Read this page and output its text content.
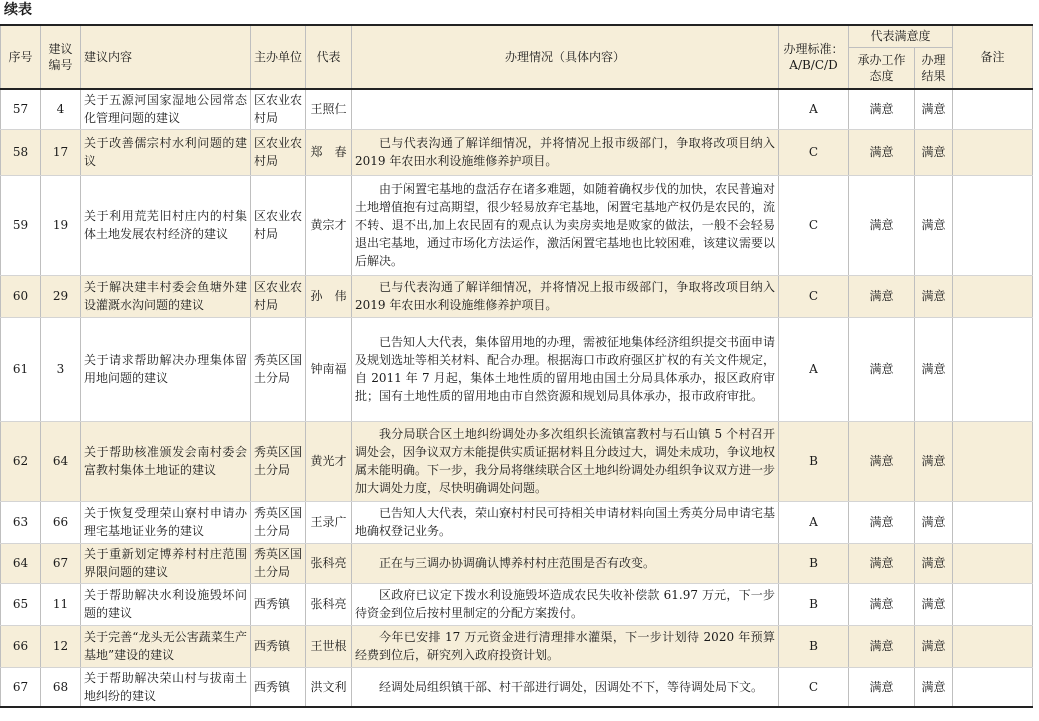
续表
序号	建议编号	建议内容	主办单位	代表	办理情况（具体内容）	办理标准：A/B/C/D	代表满意度		备注
							承办工作态度	办理结果	
57	4	关于五源河国家湿地公园常态化管理问题的建议	区农业农村局	王照仁		A	满意	满意	
58	17	关于改善儒宗村水利问题的建议	区农业农村局	郑　春	已与代表沟通了解详细情况，并将情况上报市级部门，争取将改项目纳入 2019 年农田水利设施维修养护项目。	C	满意	满意	
59	19	关于利用荒芜旧村庄内的村集体土地发展农村经济的建议	区农业农村局	黄宗才	由于闲置宅基地的盘活存在诸多难题，如随着确权步伐的加快，农民普遍对土地增值抱有过高期望，很少轻易放弃宅基地，闲置宅基地产权仍是农民的，流不转、退不出,加上农民固有的观点认为卖房卖地是败家的做法，一般不会轻易退出宅基地，通过市场化方法运作，激活闲置宅基地也比较困难，该建议需要以后解决。	C	满意	满意	
60	29	关于解决建丰村委会鱼塘外建设灌溉水沟问题的建议	区农业农村局	孙　伟	已与代表沟通了解详细情况，并将情况上报市级部门，争取将改项目纳入 2019 年农田水利设施维修养护项目。	C	满意	满意	
61	3	关于请求帮助解决办理集体留用地问题的建议	秀英区国土分局	钟南福	已告知人大代表，集体留用地的办理，需被征地集体经济组织提交书面申请及规划选址等相关材料、配合办理。根据海口市政府强区扩权的有关文件规定，自 2011 年 7 月起，集体土地性质的留用地由国土分局具体承办，报区政府审批；国有土地性质的留用地由市自然资源和规划局具体承办，报市政府审批。	A	满意	满意	
62	64	关于帮助核准颁发会南村委会富教村集体土地证的建议	秀英区国土分局	黄光才	我分局联合区土地纠纷调处办多次组织长流镇富教村与石山镇 5 个村召开调处会，因争议双方未能提供实质证据材料且分歧过大，调处未成功，争议地权属未能明确。下一步，我分局将继续联合区土地纠纷调处办组织争议双方进一步加大调处力度，尽快明确调处问题。	B	满意	满意	
63	66	关于恢复受理荣山寮村申请办理宅基地证业务的建议	秀英区国土分局	王录广	已告知人大代表，荣山寮村村民可持相关申请材料向国土秀英分局申请宅基地确权登记业务。	A	满意	满意	
64	67	关于重新划定博养村村庄范围界限问题的建议	秀英区国土分局	张科亮	正在与三调办协调确认博养村村庄范围是否有改变。	B	满意	满意	
65	11	关于帮助解决水利设施毁坏问题的建议	西秀镇	张科亮	区政府已议定下拨水利设施毁坏造成农民失收补偿款 61.97 万元，下一步待资金到位后按村里制定的分配方案拨付。	B	满意	满意	
66	12	关于完善“龙头无公害蔬菜生产基地”建设的建议	西秀镇	王世根	今年已安排 17 万元资金进行清理排水灌渠，下一步计划待 2020 年预算经费到位后，研究列入政府投资计划。	B	满意	满意	
67	68	关于帮助解决荣山村与拔南土地纠纷的建议	西秀镇	洪文利	经调处局组织镇干部、村干部进行调处，因调处不下，等待调处局下文。	C	满意	满意	
